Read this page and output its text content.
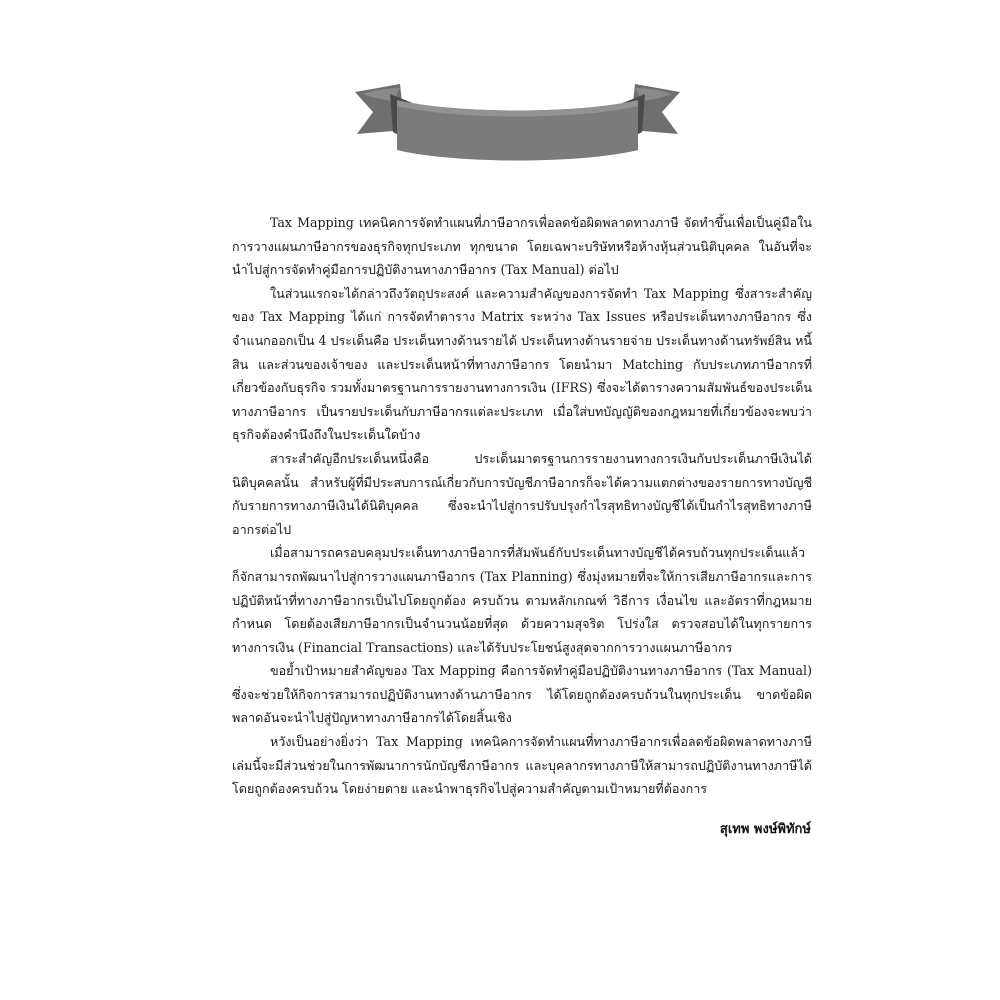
คำนำ

Tax Mapping เทคนิคการจัดทำแผนที่ภาษีอากรเพื่อลดข้อผิดพลาดทางภาษี จัดทำขึ้นเพื่อเป็นคู่มือในการวางแผนภาษีอากรของธุรกิจทุกประเภท ทุกขนาด โดยเฉพาะบริษัทหรือห้างหุ้นส่วนนิติบุคคล ในอันที่จะนำไปสู่การจัดทำคู่มือการปฏิบัติงานทางภาษีอากร (Tax Manual) ต่อไป

ในส่วนแรกจะได้กล่าวถึงวัตถุประสงค์ และความสำคัญของการจัดทำ Tax Mapping ซึ่งสาระสำคัญของ Tax Mapping ได้แก่ การจัดทำตาราง Matrix ระหว่าง Tax Issues หรือประเด็นทางภาษีอากร ซึ่งจำแนกออกเป็น 4 ประเด็นคือ ประเด็นทางด้านรายได้ ประเด็นทางด้านรายจ่าย ประเด็นทางด้านทรัพย์สิน หนี้สิน และส่วนของเจ้าของ และประเด็นหน้าที่ทางภาษีอากร โดยนำมา Matching กับประเภทภาษีอากรที่เกี่ยวข้องกับธุรกิจ รวมทั้งมาตรฐานการรายงานทางการเงิน (IFRS) ซึ่งจะได้ตารางความสัมพันธ์ของประเด็นทางภาษีอากร เป็นรายประเด็นกับภาษีอากรแต่ละประเภท เมื่อใส่บทบัญญัติของกฎหมายที่เกี่ยวข้องจะพบว่า ธุรกิจต้องคำนึงถึงในประเด็นใดบ้าง

สาระสำคัญอีกประเด็นหนึ่งคือ ประเด็นมาตรฐานการรายงานทางการเงินกับประเด็นภาษีเงินได้นิติบุคคลนั้น สำหรับผู้ที่มีประสบการณ์เกี่ยวกับการบัญชีภาษีอากรก็จะได้ความแตกต่างของรายการทางบัญชีกับรายการทางภาษีเงินได้นิติบุคคล ซึ่งจะนำไปสู่การปรับปรุงกำไรสุทธิทางบัญชีได้เป็นกำไรสุทธิทางภาษีอากรต่อไป

เมื่อสามารถครอบคลุมประเด็นทางภาษีอากรที่สัมพันธ์กับประเด็นทางบัญชีได้ครบถ้วนทุกประเด็นแล้ว ก็จักสามารถพัฒนาไปสู่การวางแผนภาษีอากร (Tax Planning) ซึ่งมุ่งหมายที่จะให้การเสียภาษีอากรและการปฏิบัติหน้าที่ทางภาษีอากรเป็นไปโดยถูกต้อง ครบถ้วน ตามหลักเกณฑ์ วิธีการ เงื่อนไข และอัตราที่กฎหมายกำหนด โดยต้องเสียภาษีอากรเป็นจำนวนน้อยที่สุด ด้วยความสุจริต โปร่งใส ตรวจสอบได้ในทุกรายการทางการเงิน (Financial Transactions) และได้รับประโยชน์สูงสุดจากการวางแผนภาษีอากร

ขอย้ำเป้าหมายสำคัญของ Tax Mapping คือการจัดทำคู่มือปฏิบัติงานทางภาษีอากร (Tax Manual) ซึ่งจะช่วยให้กิจการสามารถปฏิบัติงานทางด้านภาษีอากร ได้โดยถูกต้องครบถ้วนในทุกประเด็น ขาดข้อผิดพลาดอันจะนำไปสู่ปัญหาทางภาษีอากรได้โดยสิ้นเชิง

หวังเป็นอย่างยิ่งว่า Tax Mapping เทคนิคการจัดทำแผนที่ทางภาษีอากรเพื่อลดข้อผิดพลาดทางภาษี เล่มนี้จะมีส่วนช่วยในการพัฒนาการนักบัญชีภาษีอากร และบุคลากรทางภาษีให้สามารถปฏิบัติงานทางภาษีได้โดยถูกต้องครบถ้วน โดยง่ายดาย และนำพาธุรกิจไปสู่ความสำคัญตามเป้าหมายที่ต้องการ

สุเทพ พงษ์พิทักษ์
